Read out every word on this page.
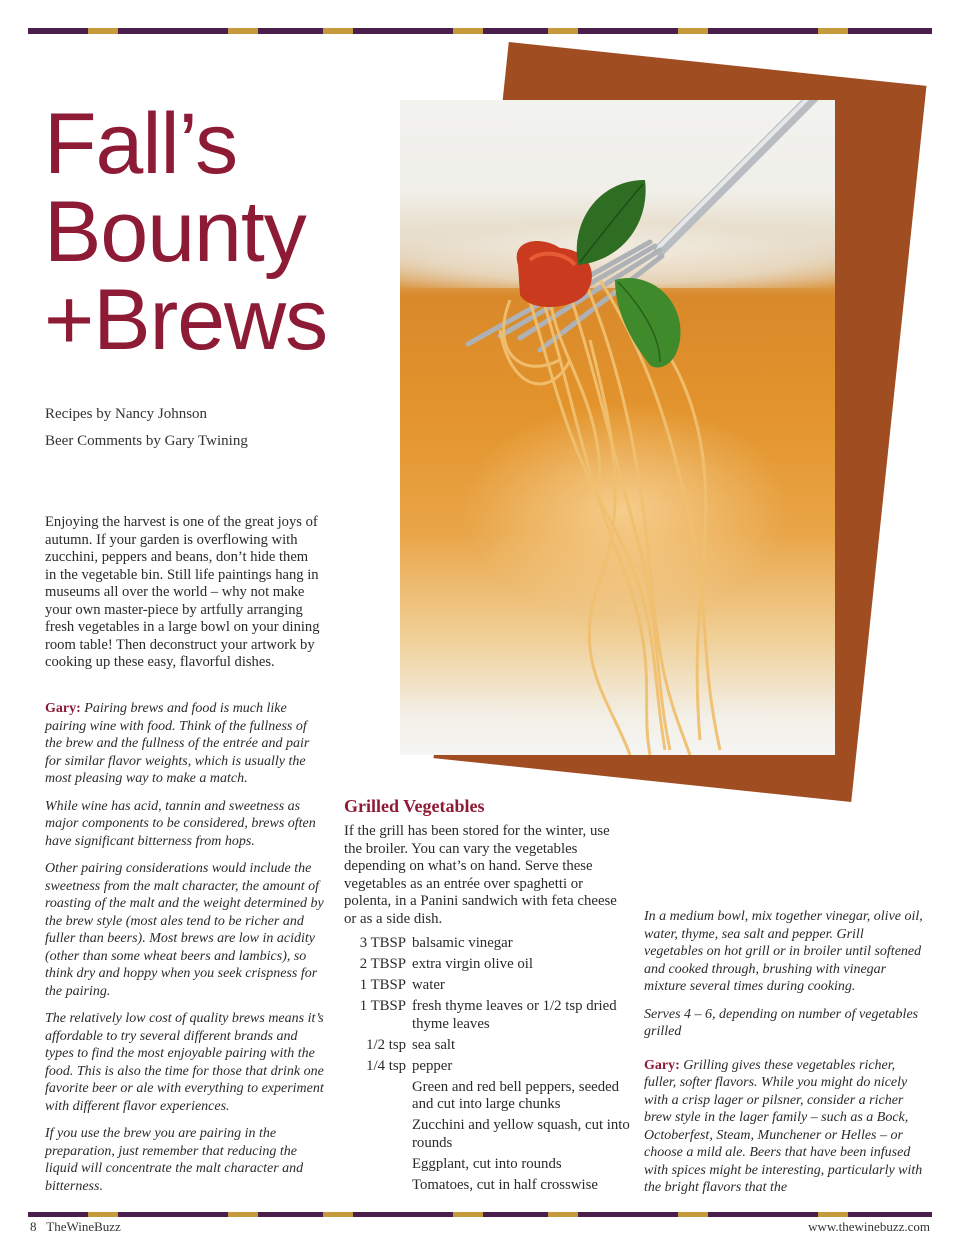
Fall’s
Bounty
+Brews
Recipes by Nancy Johnson
Beer Comments by Gary Twining
Enjoying the harvest is one of the great joys of autumn. If your garden is overflowing with zucchini, peppers and beans, don’t hide them in the vegetable bin. Still life paintings hang in museums all over the world – why not make your own master-piece by artfully arranging fresh vegetables in a large bowl on your dining room table! Then deconstruct your artwork by cooking up these easy, flavorful dishes.

Gary: Pairing brews and food is much like pairing wine with food. Think of the fullness of the brew and the fullness of the entrée and pair for similar flavor weights, which is usually the most pleasing way to make a match.

While wine has acid, tannin and sweetness as major components to be considered, brews often have significant bitterness from hops.

Other pairing considerations would include the sweetness from the malt character, the amount of roasting of the malt and the weight determined by the brew style (most ales tend to be richer and fuller than beers). Most brews are low in acidity (other than some wheat beers and lambics), so think dry and hoppy when you seek crispness for the pairing.

The relatively low cost of quality brews means it’s affordable to try several different brands and types to find the most enjoyable pairing with the food. This is also the time for those that drink one favorite beer or ale with everything to experiment with different flavor experiences.

If you use the brew you are pairing in the preparation, just remember that reducing the liquid will concentrate the malt character and bitterness.

Grilled Vegetables
If the grill has been stored for the winter, use the broiler. You can vary the vegetables depending on what’s on hand. Serve these vegetables as an entrée over spaghetti or polenta, in a Panini sandwich with feta cheese or as a side dish.
3 TBSP balsamic vinegar
2 TBSP extra virgin olive oil
1 TBSP water
1 TBSP fresh thyme leaves or 1/2 tsp dried thyme leaves
1/2 tsp sea salt
1/4 tsp pepper
Green and red bell peppers, seeded and cut into large chunks
Zucchini and yellow squash, cut into rounds
Eggplant, cut into rounds
Tomatoes, cut in half crosswise

In a medium bowl, mix together vinegar, olive oil, water, thyme, sea salt and pepper. Grill vegetables on hot grill or in broiler until softened and cooked through, brushing with vinegar mixture several times during cooking.

Serves 4 – 6, depending on number of vegetables grilled

Gary: Grilling gives these vegetables richer, fuller, softer flavors. While you might do nicely with a crisp lager or pilsner, consider a richer brew style in the lager family – such as a Bock, Octoberfest, Steam, Munchener or Helles – or choose a mild ale. Beers that have been infused with spices might be interesting, particularly with the bright flavors that the

8 TheWineBuzz	www.thewinebuzz.com
